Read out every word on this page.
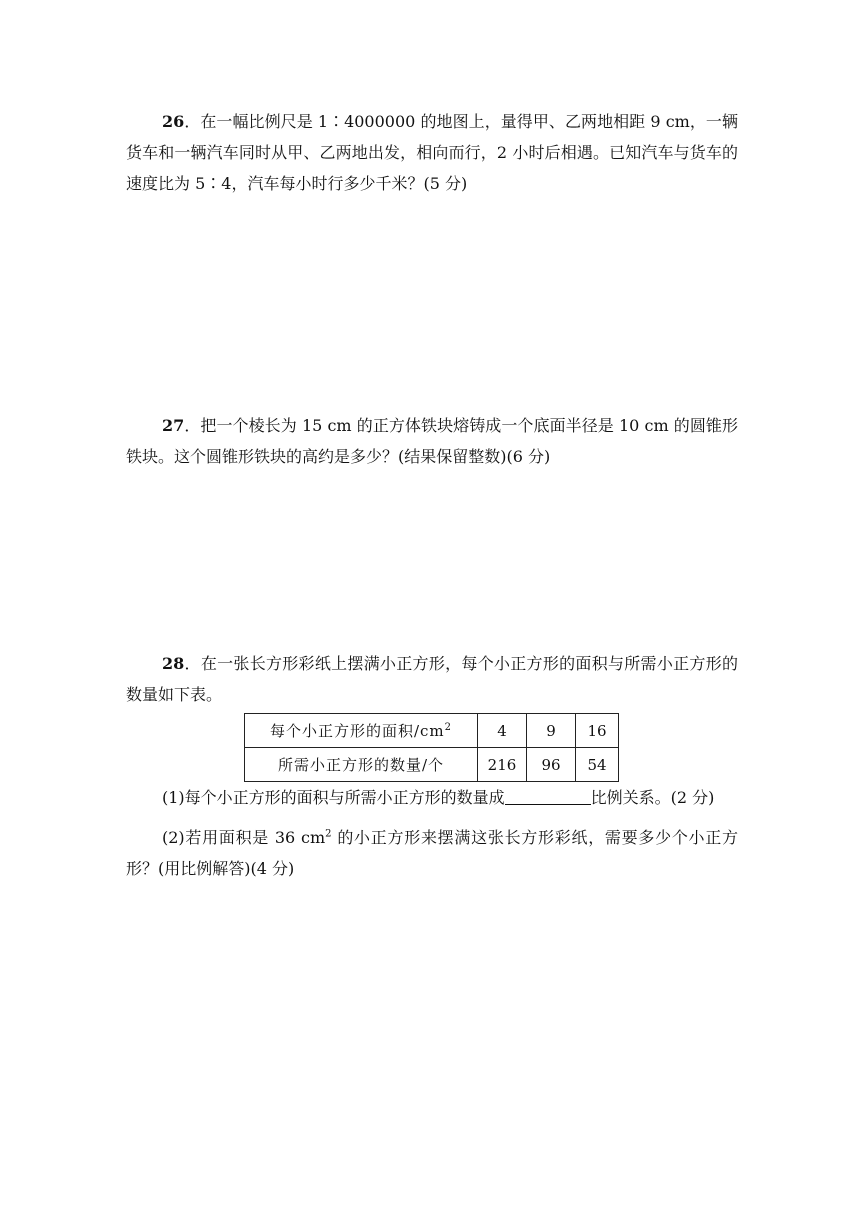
26．在一幅比例尺是 1∶4000000 的地图上，量得甲、乙两地相距 9 cm，一辆货车和一辆汽车同时从甲、乙两地出发，相向而行，2 小时后相遇。已知汽车与货车的速度比为 5∶4，汽车每小时行多少千米？(5 分)

27．把一个棱长为 15 cm 的正方体铁块熔铸成一个底面半径是 10 cm 的圆锥形铁块。这个圆锥形铁块的高约是多少？(结果保留整数)(6 分)

28．在一张长方形彩纸上摆满小正方形，每个小正方形的面积与所需小正方形的数量如下表。

每个小正方形的面积$/cm^2$	4	9	16
所需小正方形的数量/个	216	96	54

(1)每个小正方形的面积与所需小正方形的数量成	比例关系。(2 分)

(2)若用面积是 36 $cm^2$ 的小正方形来摆满这张长方形彩纸，需要多少个小正方形？(用比例解答)(4 分)
